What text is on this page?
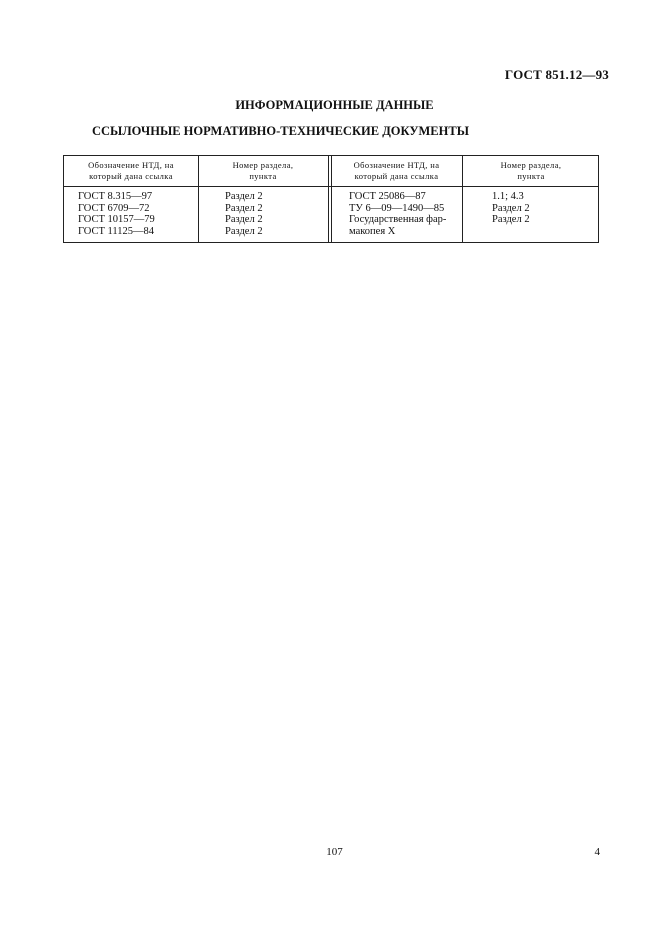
ГОСТ 851.12—93
ИНФОРМАЦИОННЫЕ ДАННЫЕ
ССЫЛОЧНЫЕ НОРМАТИВНО-ТЕХНИЧЕСКИЕ ДОКУМЕНТЫ
Обозначение НТД, на
который дана ссылка
Номер раздела,
пункта
Обозначение НТД, на
который дана ссылка
Номер раздела,
пункта
ГОСТ 8.315—97
ГОСТ 6709—72
ГОСТ 10157—79
ГОСТ 11125—84
Раздел 2
Раздел 2
Раздел 2
Раздел 2
ГОСТ 25086—87
ТУ 6—09—1490—85
Государственная фар-
макопея X
1.1; 4.3
Раздел 2
Раздел 2
107	4
